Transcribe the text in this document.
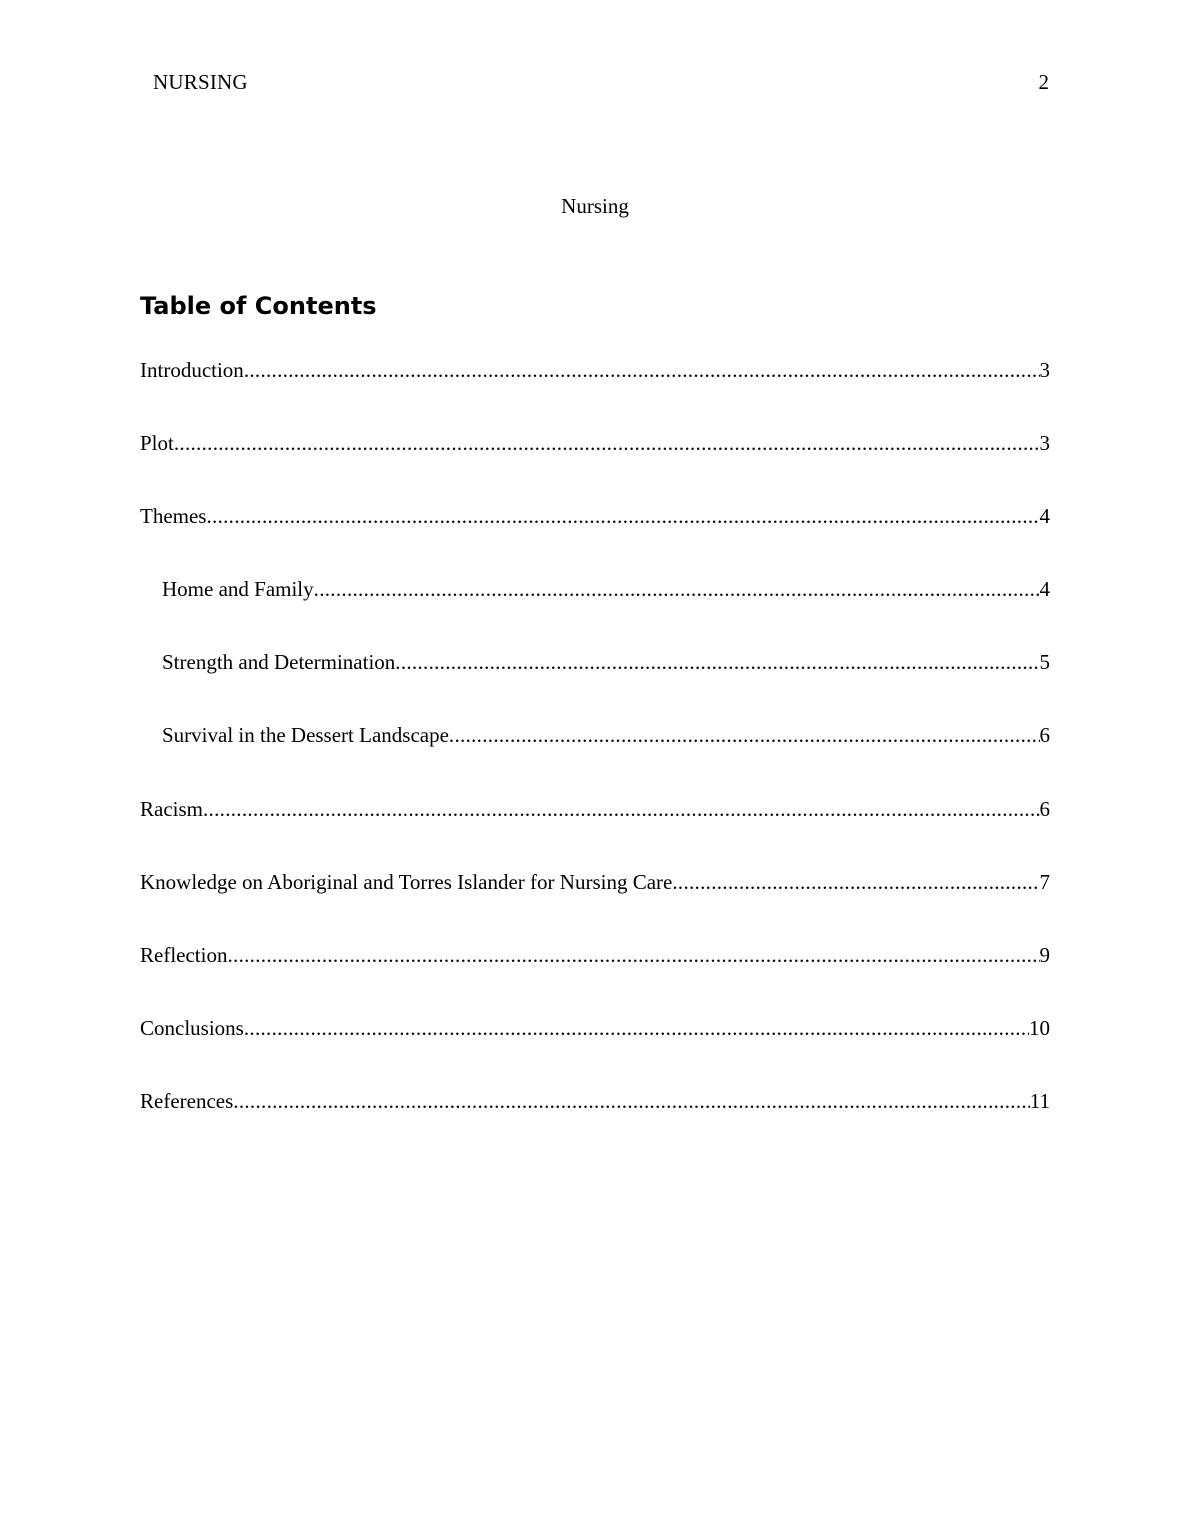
NURSING	2
Nursing
Table of Contents
Introduction .....	3
Plot .....	3
Themes .....	4
Home and Family .....	4
Strength and Determination .....	5
Survival in the Dessert Landscape .....	6
Racism .....	6
Knowledge on Aboriginal and Torres Islander for Nursing Care .....	7
Reflection .....	9
Conclusions .....	10
References .....	11
